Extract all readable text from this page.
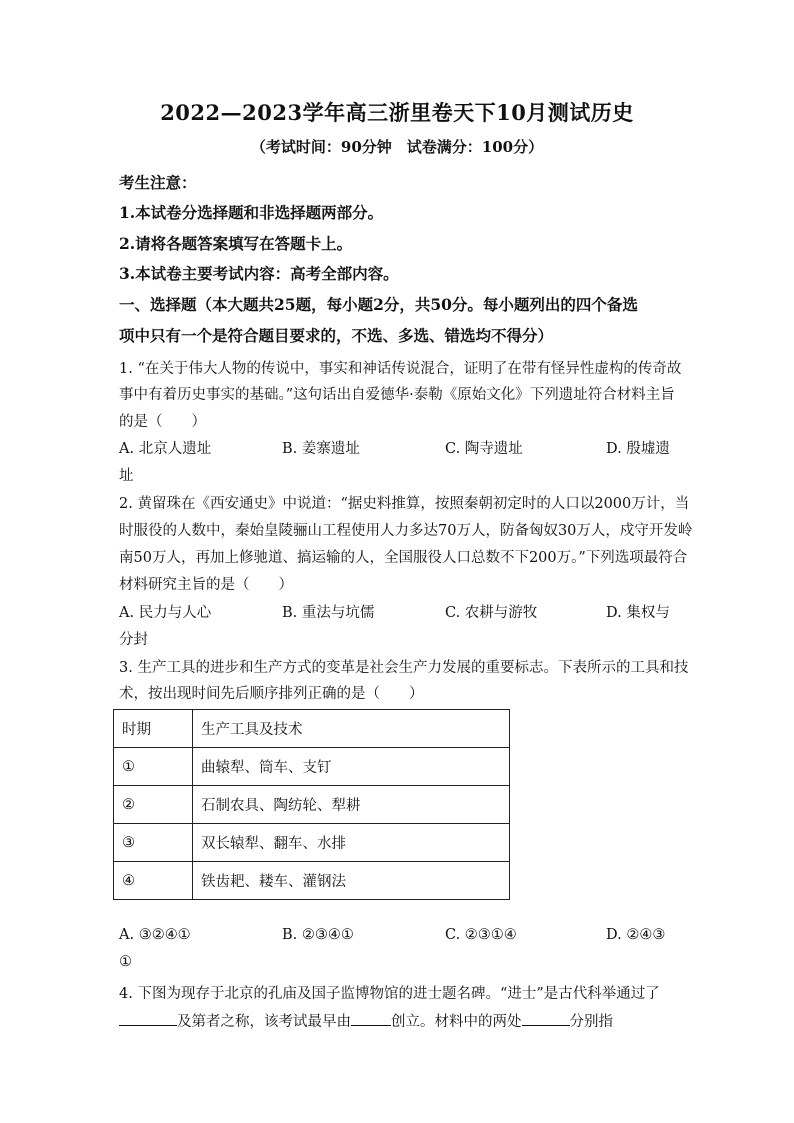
2022—2023学年高三浙里卷天下10月测试历史
（考试时间：90分钟　试卷满分：100分）
考生注意：
1.本试卷分选择题和非选择题两部分。
2.请将各题答案填写在答题卡上。
3.本试卷主要考试内容：高考全部内容。
一、选择题（本大题共25题，每小题2分，共50分。每小题列出的四个备选
项中只有一个是符合题目要求的，不选、多选、错选均不得分）
1. “在关于伟大人物的传说中，事实和神话传说混合，证明了在带有怪异性虚构的传奇故
事中有着历史事实的基础。”这句话出自爱德华·泰勒《原始文化》下列遗址符合材料主旨
的是（　　）
A. 北京人遗址	B. 姜寨遗址	C. 陶寺遗址	D. 殷墟遗
址
2. 黄留珠在《西安通史》中说道：“据史料推算，按照秦朝初定时的人口以2000万计，当
时服役的人数中，秦始皇陵骊山工程使用人力多达70万人，防备匈奴30万人，戍守开发岭
南50万人，再加上修驰道、搞运输的人，全国服役人口总数不下200万。”下列选项最符合
材料研究主旨的是（　　）
A. 民力与人心	B. 重法与坑儒	C. 农耕与游牧	D. 集权与
分封
3. 生产工具的进步和生产方式的变革是社会生产力发展的重要标志。下表所示的工具和技
术，按出现时间先后顺序排列正确的是（　　）
时期	生产工具及技术
①	曲辕犁、筒车、支钉
②	石制农具、陶纺轮、犁耕
③	双长辕犁、翻车、水排
④	铁齿耙、耧车、灌钢法
A. ③②④①	B. ②③④①	C. ②③①④	D. ②④③
①
4. 下图为现存于北京的孔庙及国子监博物馆的进士题名碑。“进士”是古代科举通过了
及第者之称，该考试最早由	创立。材料中的两处	分别指
